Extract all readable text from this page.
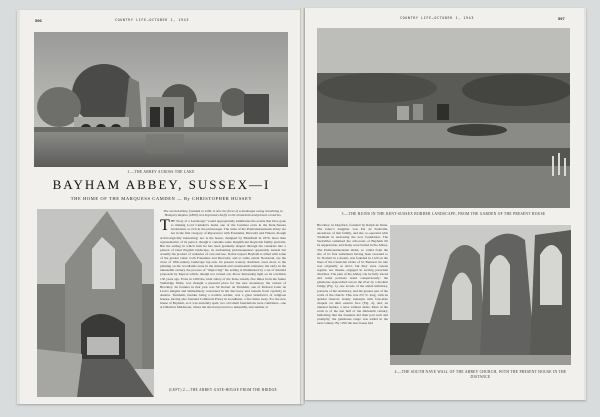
596	COUNTRY LIFE—OCTOBER 1, 1943
1.—THE ABBEY ACROSS THE LAKE
BAYHAM ABBEY, SUSSEX—I
THE HOME OF THE MARQUESS CAMDEN — By CHRISTOPHER HUSSEY
The second abbey, founded in 1200, is now the focus of a landscape owing something to Humphry Repton (1800), but improved chiefly in the nineteenth and present centuries.
T HE Story of a Landscape” would appropriately summarise the events that have gone to making Lord Camden’s home one of the loveliest even in the Kent-Sussex borderland, so rich in the picturesque. The ruins of the Premonstratensian abbey are not in the first category of importance with Fountains, Rievaulx and Tintern, though archæologically interesting; nor is the house, designed by Blomfield in 1870, more than representative of its period, though it contains some magnificent Reynolds family portraits. But the setting in which both lie has been gradually shaped through the centuries into a pattern of ideal English landscape, its enchanting picturesqueness apparently natural but actually the product of centuries of care and use. In that respect Bayham is allied with some of the greater ruins: both Fountains and Rievaulx, and to some extent Newstead, are the close of 18th-century landscape lay-outs. Its present scenery doubtless owes more to the planting on the woodlands done in the sixteenth and seventeenth centuries; but early in the nineteenth century the process of “improving” the setting is illuminated by a set of detailed proposals by Repton which, though not carried out, throw interesting light on its condition 150 years ago. Even in 1200 the wide valley of the Teise stream, five miles from the future Tunbridge Wells, was thought a pleasant place for the new monastery, the canons of Brockley. Its founder in that year was Sir Robert de Turnham, one of Richard Cœur de Lion’s knights and immediately concerned in his discovery and ransom from captivity in Austria. Turnham, besides being a notable soldier, was a great benefactor of religious houses, having also founded Combwell Priory in Goudhurst, a few miles away. For the new house of Bayham, as it was anciently spelt, two old small foundations were combined—one at Otham in Maidstone, where the site had proved too unhealthy, and another at
(LEFT) 2.—THE ABBEY GATE-HOUSE FROM THE BRIDGE
COUNTRY LIFE—OCTOBER 1, 1943	597
3.—THE RUINS IN THE KENT-SUSSEX BORDER LANDSCAPE, FROM THE GARDEN OF THE PRESENT HOUSE
Brockley, in Deptford, founded by Ralph de Dene. The latter’s daughter was Ela de Sackville, ancestress of that family, and she co-operated with Turnham in endowing the new foundation. The Sackvilles remained the advocates of Bayham till its suppression, and many were buried in the Abbey. The Premonstratensian Order, so called from the site of its first settlement having been revealed to St. Norbert in a dream, was founded in 1120 on the lines of the Cistercian Order of St. Bernard. Its rule was originally as strict, but they were canons regular, not monks, engaged in serving parochial churches. The plan of the Abbey can be fully traced and some portions stand conspicuously: the gatehouse approached across the river by a modern bridge (Fig. 1), one arcade of the aisled infirmary, portions of the dormitory, and the greater part of the walls of the church. This was 257 ft. long, with an apsidal chancel, stately transepts with four-aisle chapels on their eastern face (Fig. 4), and, an unusual feature, a nave without aisles. Most of the work is of the last half of the thirteenth century, indicating that the founders did their part well and promptly; the gatehouse range was added in the next century. By 1250 the new house had
4.—THE SOUTH NAVE WALL OF THE ABBEY CHURCH, WITH THE PRESENT HOUSE IN THE DISTANCE
